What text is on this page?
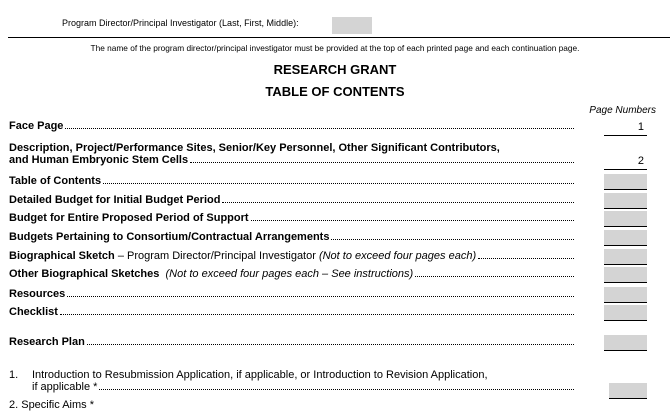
Program Director/Principal Investigator (Last, First, Middle):
The name of the program director/principal investigator must be provided at the top of each printed page and each continuation page.
RESEARCH GRANT
TABLE OF CONTENTS
Page Numbers
Face Page	1
Description, Project/Performance Sites, Senior/Key Personnel, Other Significant Contributors,
and Human Embryonic Stem Cells	2
Table of Contents
Detailed Budget for Initial Budget Period
Budget for Entire Proposed Period of Support
Budgets Pertaining to Consortium/Contractual Arrangements
Biographical Sketch – Program Director/Principal Investigator (Not to exceed four pages each)
Other Biographical Sketches (Not to exceed four pages each – See instructions)
Resources
Checklist
Research Plan
1. Introduction to Resubmission Application, if applicable, or Introduction to Revision Application,
if applicable *
2. Specific Aims *
